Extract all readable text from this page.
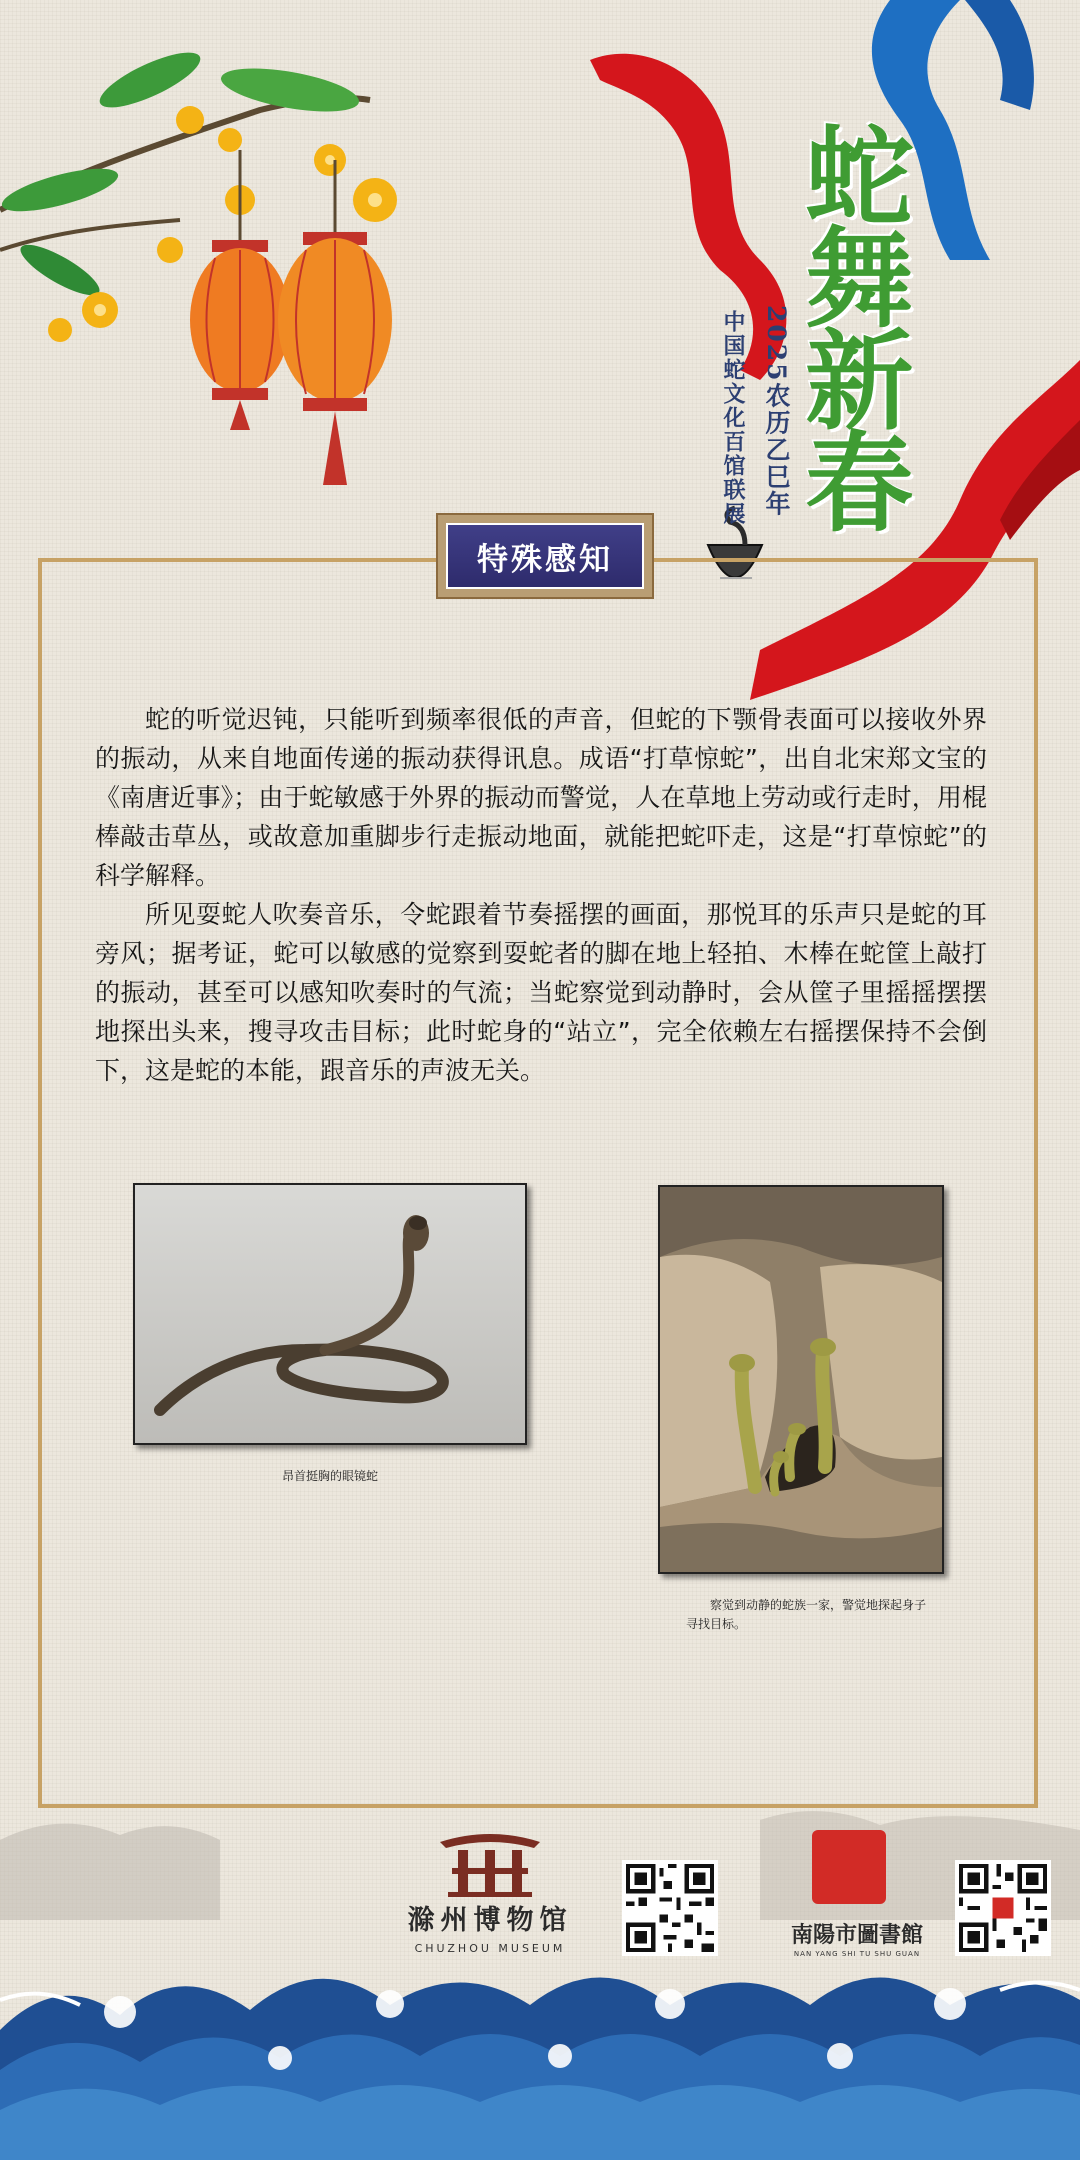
蛇舞新春
2025农历乙巳年
中国蛇文化百馆联展
特殊感知

蛇的听觉迟钝，只能听到频率很低的声音，但蛇的下颚骨表面可以接收外界的振动，从来自地面传递的振动获得讯息。成语“打草惊蛇”，出自北宋郑文宝的《南唐近事》；由于蛇敏感于外界的振动而警觉，人在草地上劳动或行走时，用棍棒敲击草丛，或故意加重脚步行走振动地面，就能把蛇吓走，这是“打草惊蛇”的科学解释。

所见耍蛇人吹奏音乐，令蛇跟着节奏摇摆的画面，那悦耳的乐声只是蛇的耳旁风；据考证，蛇可以敏感的觉察到耍蛇者的脚在地上轻拍、木棒在蛇筐上敲打的振动，甚至可以感知吹奏时的气流；当蛇察觉到动静时，会从筐子里摇摇摆摆地探出头来，搜寻攻击目标；此时蛇身的“站立”，完全依赖左右摇摆保持不会倒下，这是蛇的本能，跟音乐的声波无关。

昂首挺胸的眼镜蛇
察觉到动静的蛇族一家，警觉地探起身子寻找目标。
滁州博物馆
CHUZHOU MUSEUM
南陽市圖書館
NAN YANG SHI TU SHU GUAN
